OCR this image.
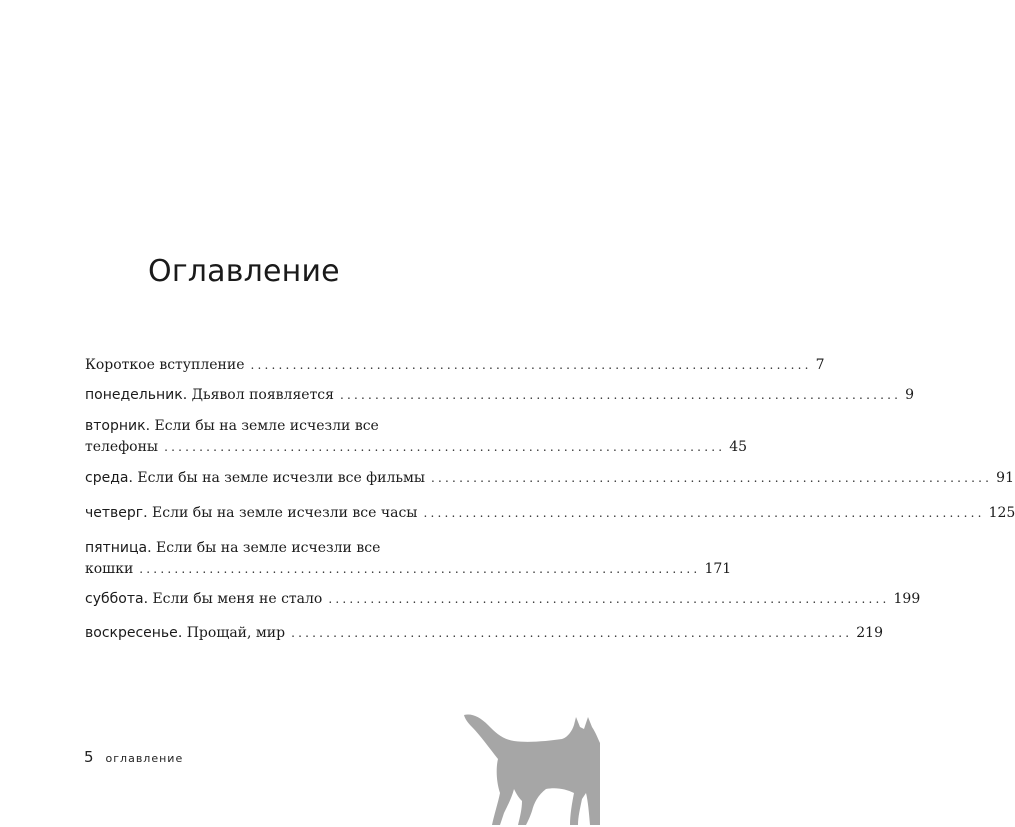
Оглавление
Короткое вступление ................................................................................ 7
понедельник. Дьявол появляется ................................................................................ 9
вторник. Если бы на земле исчезли все
телефоны ................................................................................ 45
среда. Если бы на земле исчезли все фильмы ................................................................................ 91
четверг. Если бы на земле исчезли все часы ................................................................................ 125
пятница. Если бы на земле исчезли все
кошки ................................................................................ 171
суббота. Если бы меня не стало ................................................................................ 199
воскресенье. Прощай, мир ................................................................................ 219
5 оглавление
